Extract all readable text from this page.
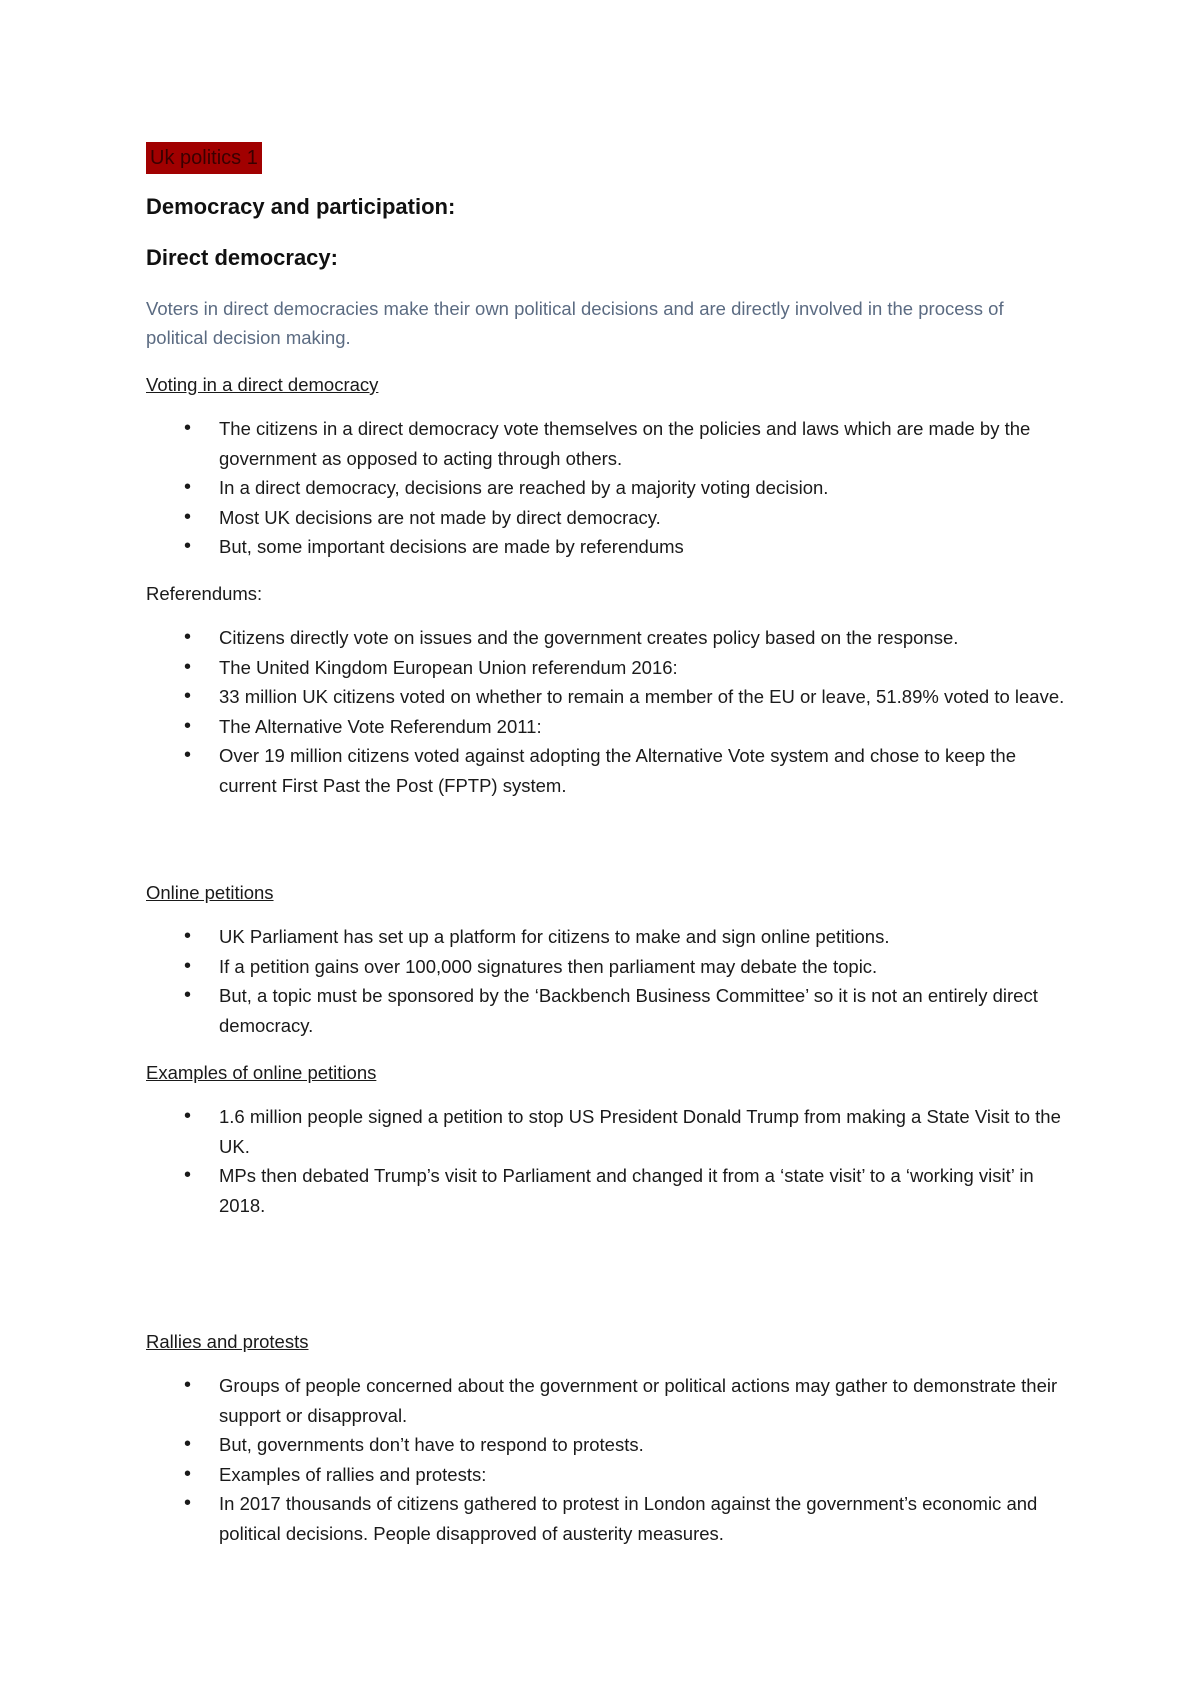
Uk politics 1

Democracy and participation:

Direct democracy:

Voters in direct democracies make their own political decisions and are directly involved in the process of political decision making.

Voting in a direct democracy

• The citizens in a direct democracy vote themselves on the policies and laws which are made by the government as opposed to acting through others.
• In a direct democracy, decisions are reached by a majority voting decision.
• Most UK decisions are not made by direct democracy.
• But, some important decisions are made by referendums

Referendums:

• Citizens directly vote on issues and the government creates policy based on the response.
• The United Kingdom European Union referendum 2016:
• 33 million UK citizens voted on whether to remain a member of the EU or leave, 51.89% voted to leave.
• The Alternative Vote Referendum 2011:
• Over 19 million citizens voted against adopting the Alternative Vote system and chose to keep the current First Past the Post (FPTP) system.

Online petitions

• UK Parliament has set up a platform for citizens to make and sign online petitions.
• If a petition gains over 100,000 signatures then parliament may debate the topic.
• But, a topic must be sponsored by the ‘Backbench Business Committee’ so it is not an entirely direct democracy.

Examples of online petitions

• 1.6 million people signed a petition to stop US President Donald Trump from making a State Visit to the UK.
• MPs then debated Trump’s visit to Parliament and changed it from a ‘state visit’ to a ‘working visit’ in 2018.

Rallies and protests

• Groups of people concerned about the government or political actions may gather to demonstrate their support or disapproval.
• But, governments don’t have to respond to protests.
• Examples of rallies and protests:
• In 2017 thousands of citizens gathered to protest in London against the government’s economic and political decisions. People disapproved of austerity measures.
